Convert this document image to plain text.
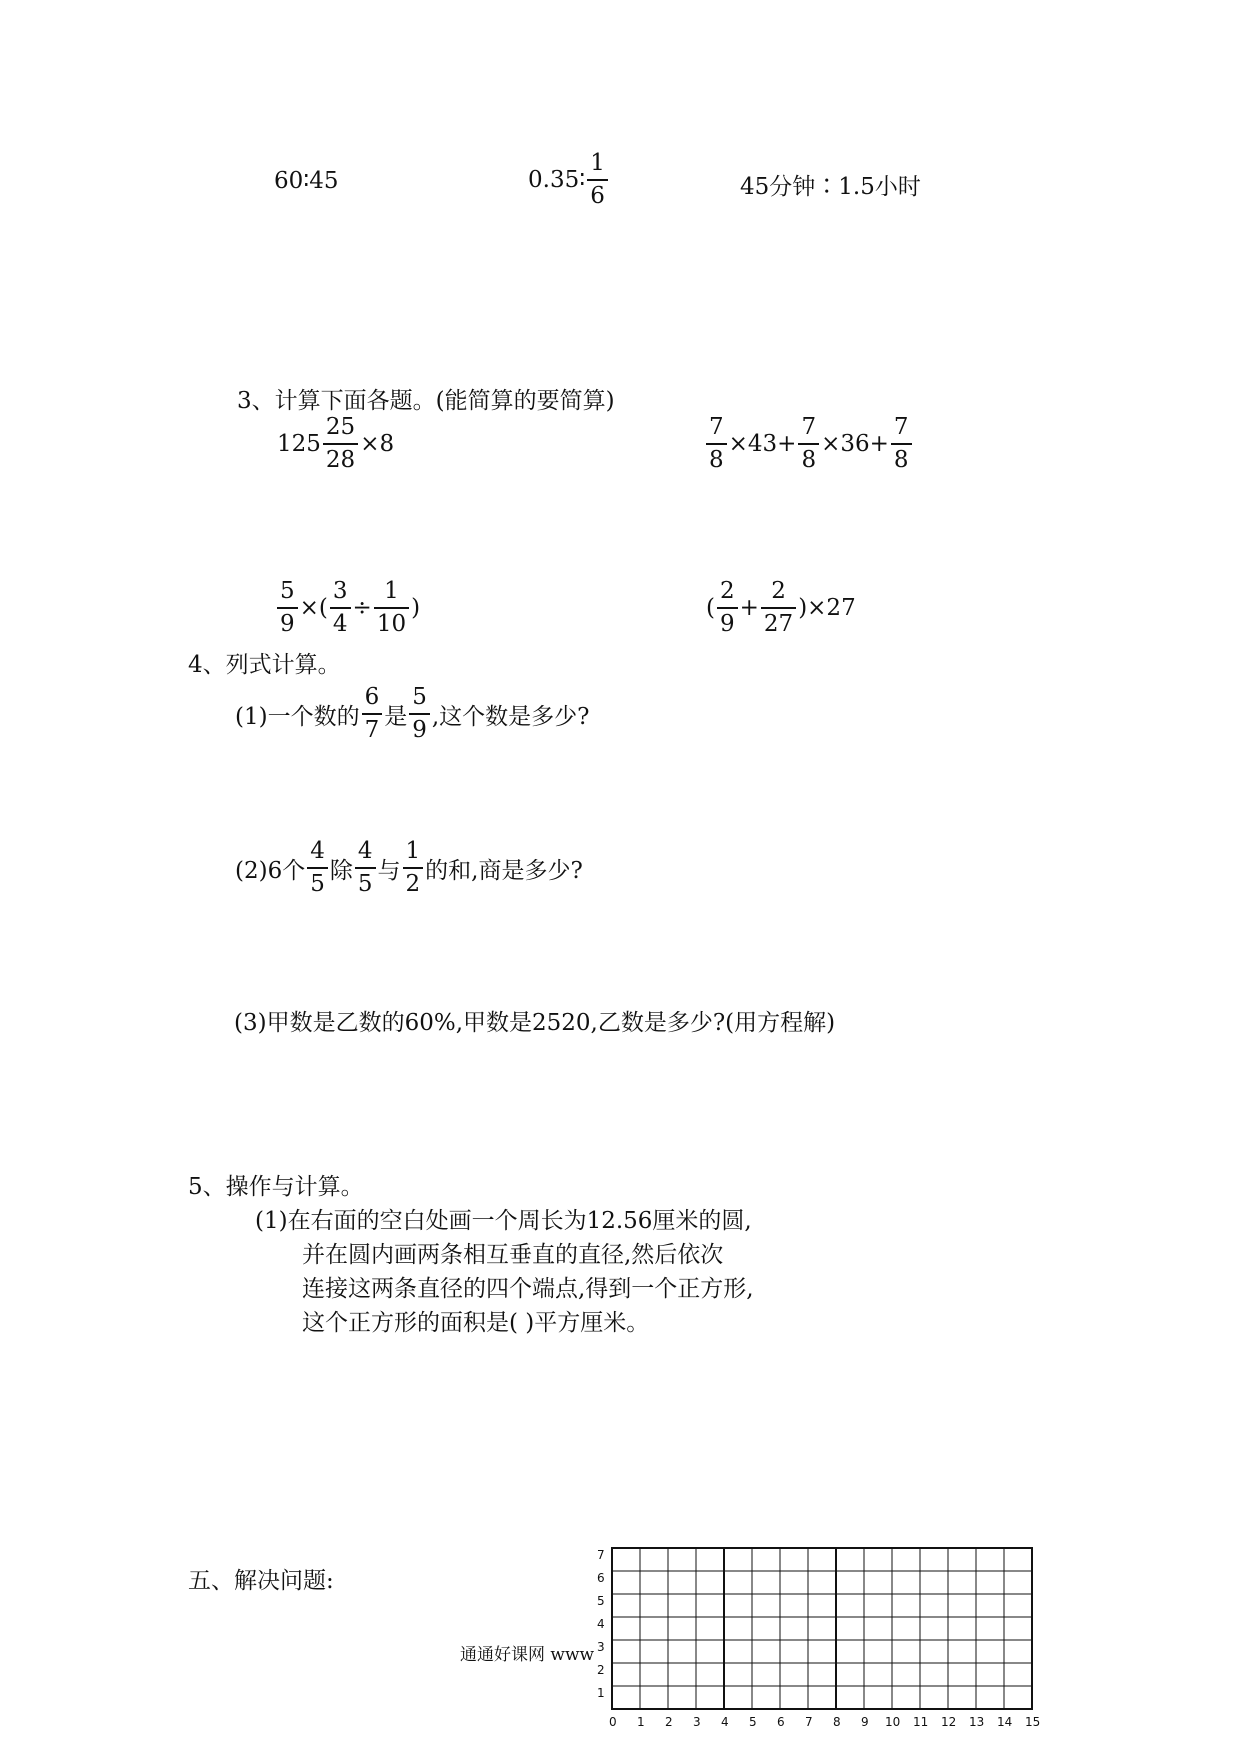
60∶45	0.35∶ $\frac{1}{6}$	45分钟∶1.5小时
3、计算下面各题。(能简算的要简算)
$125 \frac{25}{28} \times 8$	$\frac{7}{8} \times 43+ \frac{7}{8} \times 36+ \frac{7}{8}$
$\frac{5}{9}$ ×( $\frac{3}{4} \div \frac{1}{10}$ )	( $\frac{2}{9} + \frac{2}{27} )\times 27$
4、列式计算。
(1)一个数的 $\frac{6}{7}$ 是 $\frac{5}{9}$ ,这个数是多少?
(2)6个 $\frac{4}{5}$ 除 $\frac{4}{5}$ 与 $\frac{1}{2}$ 的和,商是多少?
(3)甲数是乙数的60%,甲数是2520,乙数是多少?(用方程解)
5、操作与计算。
(1)在右面的空白处画一个周长为12.56厘米的圆,
并在圆内画两条相互垂直的直径,然后依次
连接这两条直径的四个端点,得到一个正方形,
这个正方形的面积是( )平方厘米。
五、解决问题:
通通好课网 www
0 1 2 3 4 5 6 7 8 9 10 11 12 13 14 15
1
2
3
4
5
6
7
